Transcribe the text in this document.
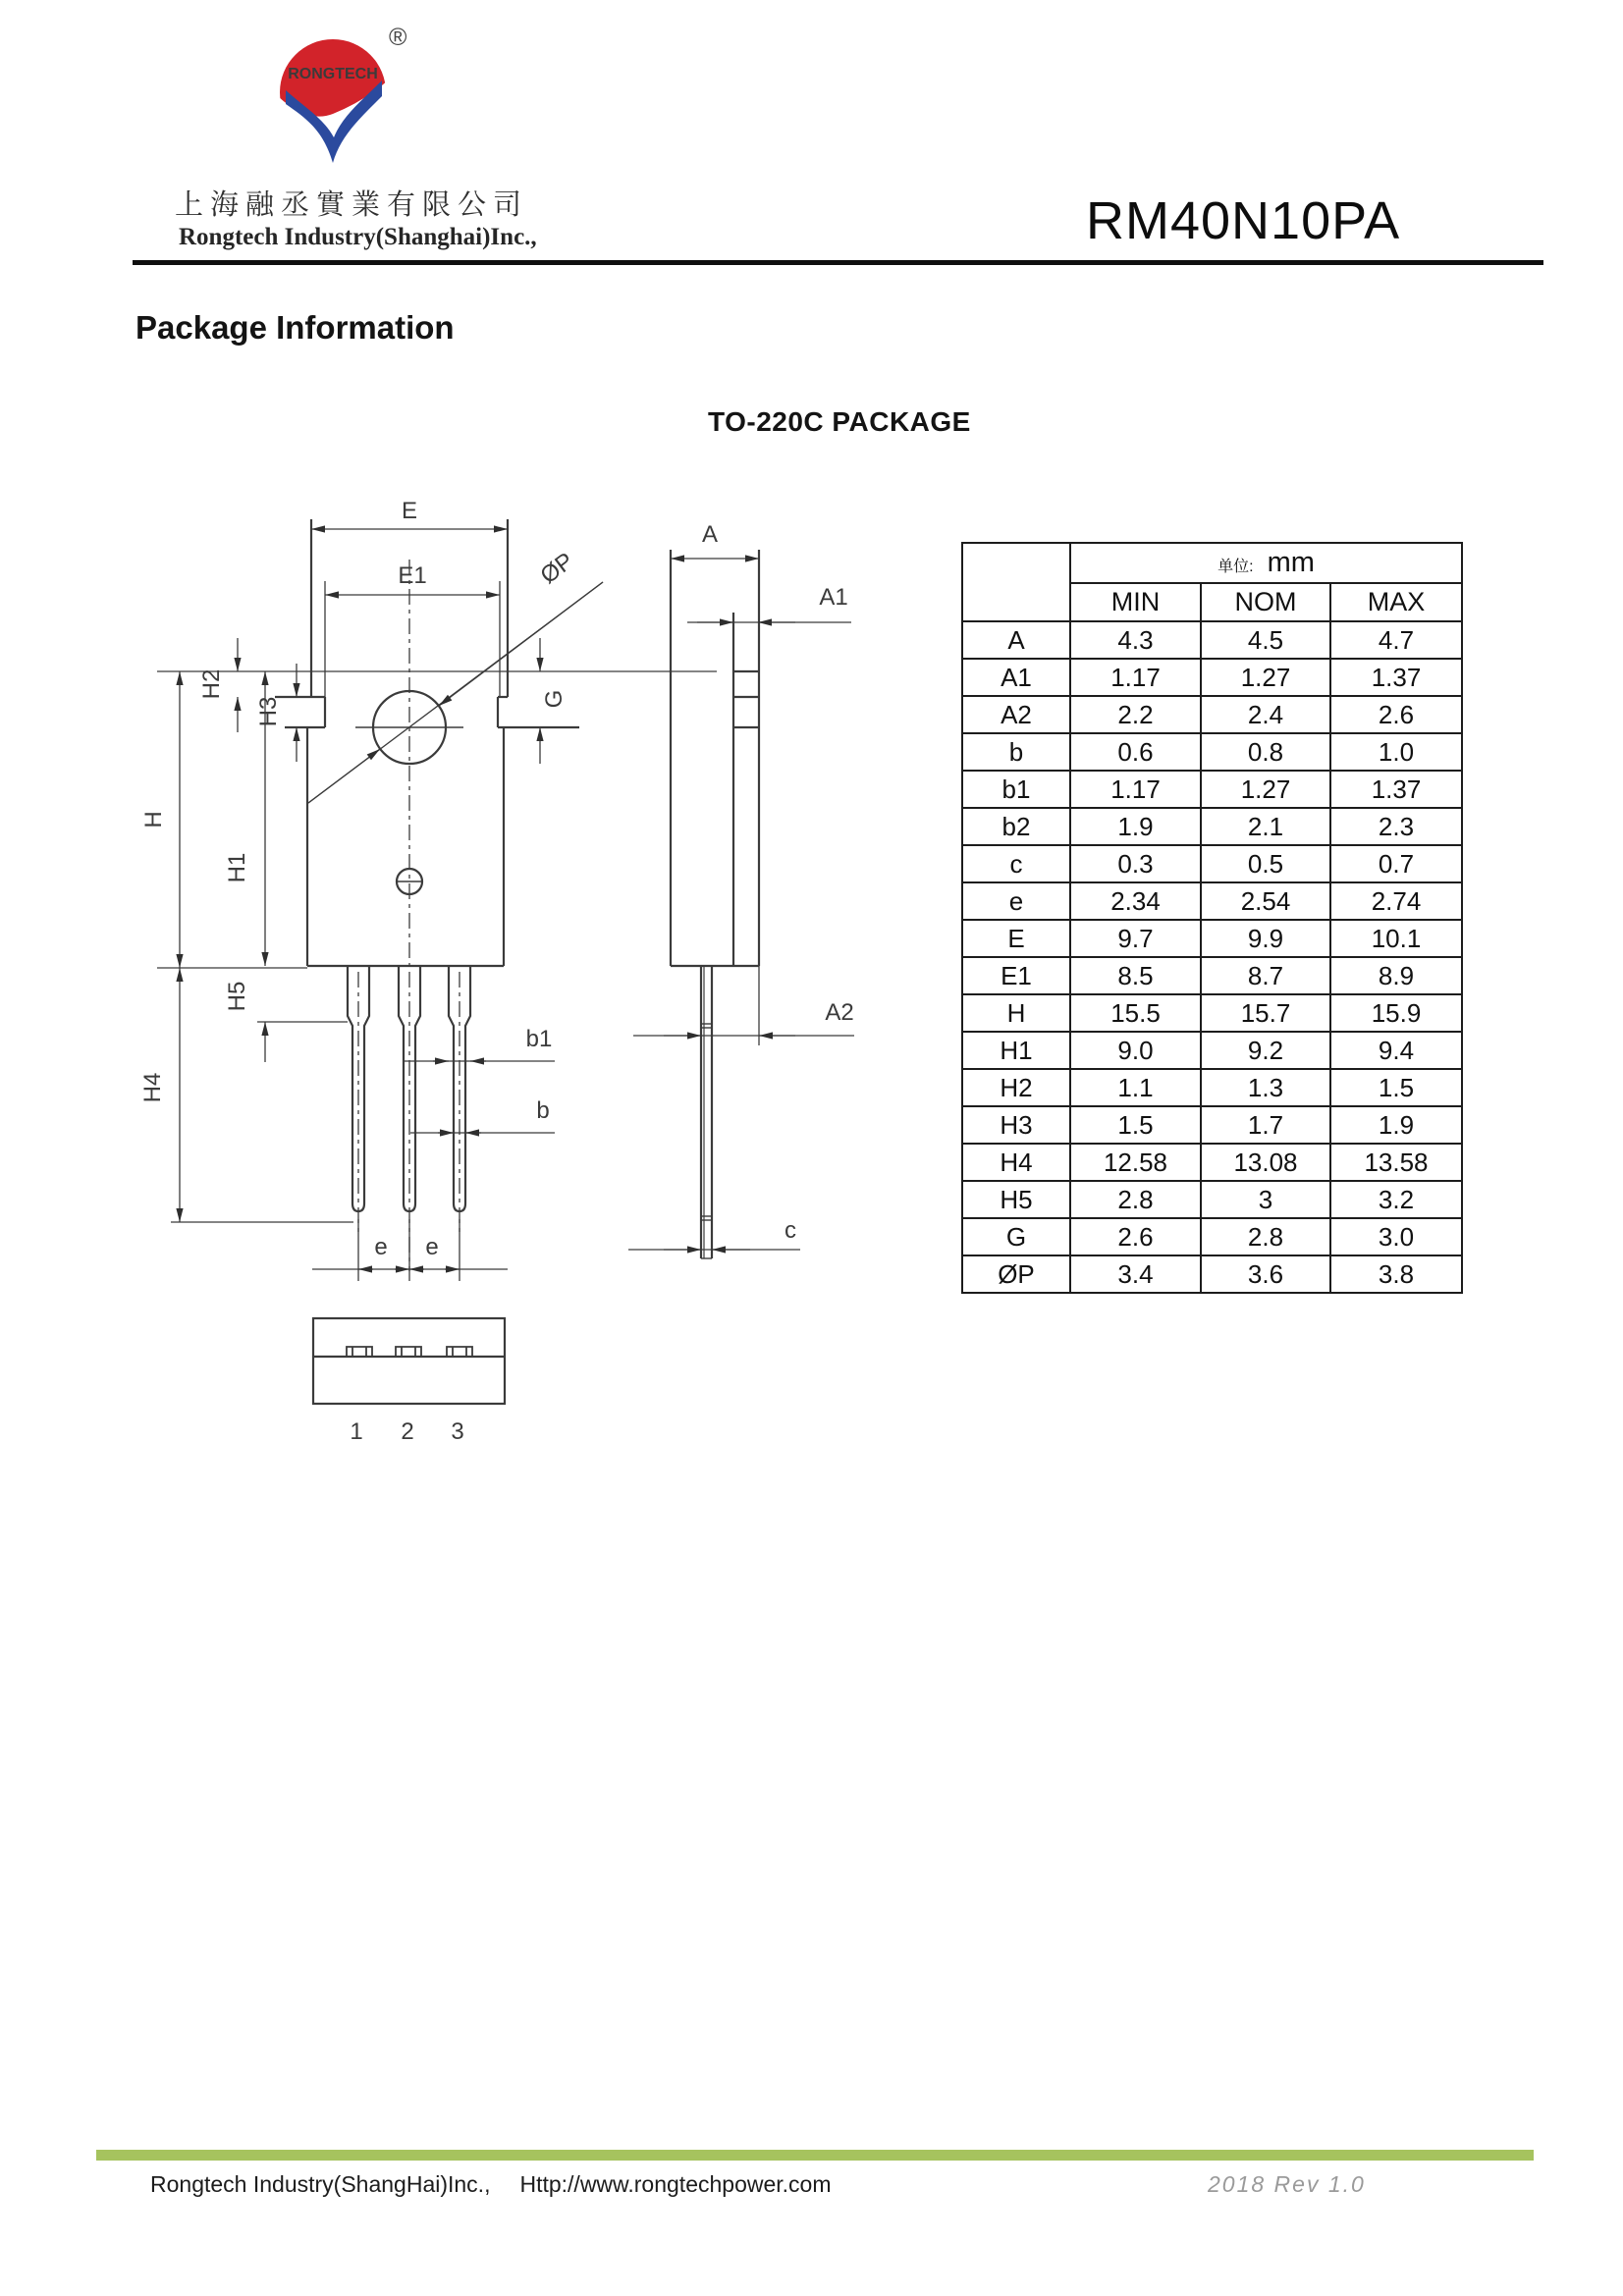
RONGTECH
®
上海融丞實業有限公司
Rongtech Industry(Shanghai)Inc.,	RM40N10PA
Package Information
TO-220C PACKAGE
E
E1	ØP
H2
H3	G
H
H1
H5
H4
b1
b
e e
1 2 3
A
A1
A2
c
	单位: mm		
	MIN	NOM	MAX
A	4.3	4.5	4.7
A1	1.17	1.27	1.37
A2	2.2	2.4	2.6
b	0.6	0.8	1.0
b1	1.17	1.27	1.37
b2	1.9	2.1	2.3
c	0.3	0.5	0.7
e	2.34	2.54	2.74
E	9.7	9.9	10.1
E1	8.5	8.7	8.9
H	15.5	15.7	15.9
H1	9.0	9.2	9.4
H2	1.1	1.3	1.5
H3	1.5	1.7	1.9
H4	12.58	13.08	13.58
H5	2.8	3	3.2
G	2.6	2.8	3.0
ØP	3.4	3.6	3.8
Rongtech Industry(ShangHai)Inc., Http://www.rongtechpower.com	2018 Rev 1.0
